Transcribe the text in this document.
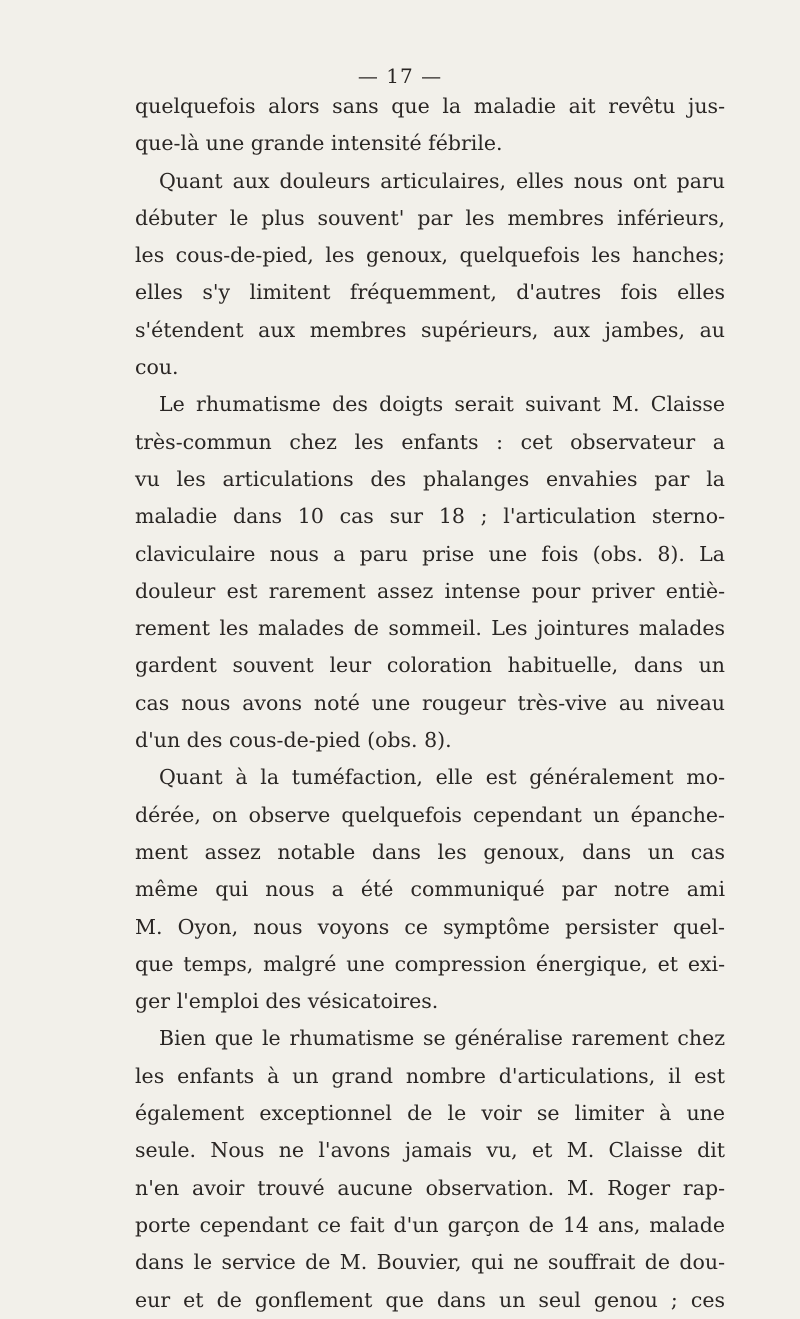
— 17 —
quelquefois alors sans que la maladie ait revêtu jus-
que-là une grande intensité fébrile.
Quant aux douleurs articulaires, elles nous ont paru
débuter le plus souvent' par les membres inférieurs,
les cous-de-pied, les genoux, quelquefois les hanches;
elles s'y limitent fréquemment, d'autres fois elles
s'étendent aux membres supérieurs, aux jambes, au
cou.
Le rhumatisme des doigts serait suivant M. Claisse
très-commun chez les enfants : cet observateur a
vu les articulations des phalanges envahies par la
maladie dans 10 cas sur 18 ; l'articulation sterno-
claviculaire nous a paru prise une fois (obs. 8). La
douleur est rarement assez intense pour priver entiè-
rement les malades de sommeil. Les jointures malades
gardent souvent leur coloration habituelle, dans un
cas nous avons noté une rougeur très-vive au niveau
d'un des cous-de-pied (obs. 8).
Quant à la tuméfaction, elle est généralement mo-
dérée, on observe quelquefois cependant un épanche-
ment assez notable dans les genoux, dans un cas
même qui nous a été communiqué par notre ami
M. Oyon, nous voyons ce symptôme persister quel-
que temps, malgré une compression énergique, et exi-
ger l'emploi des vésicatoires.
Bien que le rhumatisme se généralise rarement chez
les enfants à un grand nombre d'articulations, il est
également exceptionnel de le voir se limiter à une
seule. Nous ne l'avons jamais vu, et M. Claisse dit
n'en avoir trouvé aucune observation. M. Roger rap-
porte cependant ce fait d'un garçon de 14 ans, malade
dans le service de M. Bouvier, qui ne souffrait de dou-
eur et de gonflement que dans un seul genou ; ces
